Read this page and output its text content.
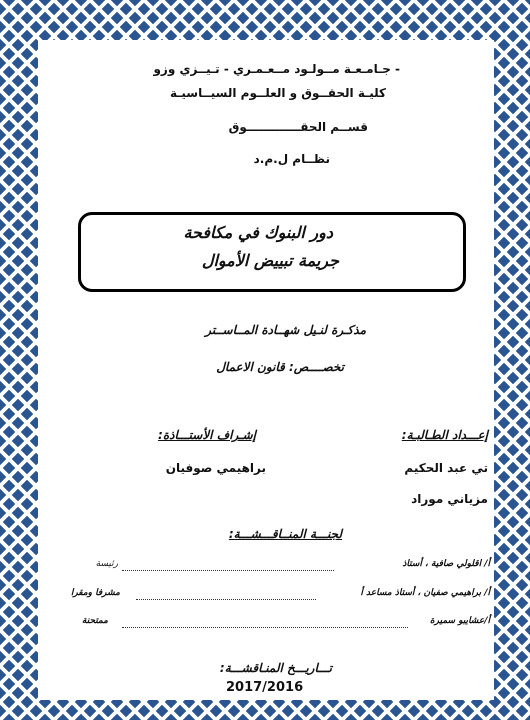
- جـامـعـة مــولـود مــعـمـري - تـيــزي وزو
كليـة الحقــوق و العلــوم السيــاسيـة
قســم الحقـــــــــــــوق
نظــام ل.م.د
دور البنوك في مكافحة
جريمة تبييض الأموال
مذكـرة لنـيل شهــادة المــاســتر
تخصــــص: قانون الاعمال
إعـــداد الطـالبـة:
إشـراف الأستـــاذة:
تي عبد الحكيم
براهيمي صوفيان
مزياني موراد
لجنـــة المنــاقـــشـــة:
أ/ اقلولي صافية ، أستاذ
رئيسة
أ/ براهيمي صفيان ، أستاذ مساعد أ
مشرفا ومقرا
أ/عشايبو سميرة
ممتحنة
تـــاريـــخ المنـاقشـــة:
2017/2016
